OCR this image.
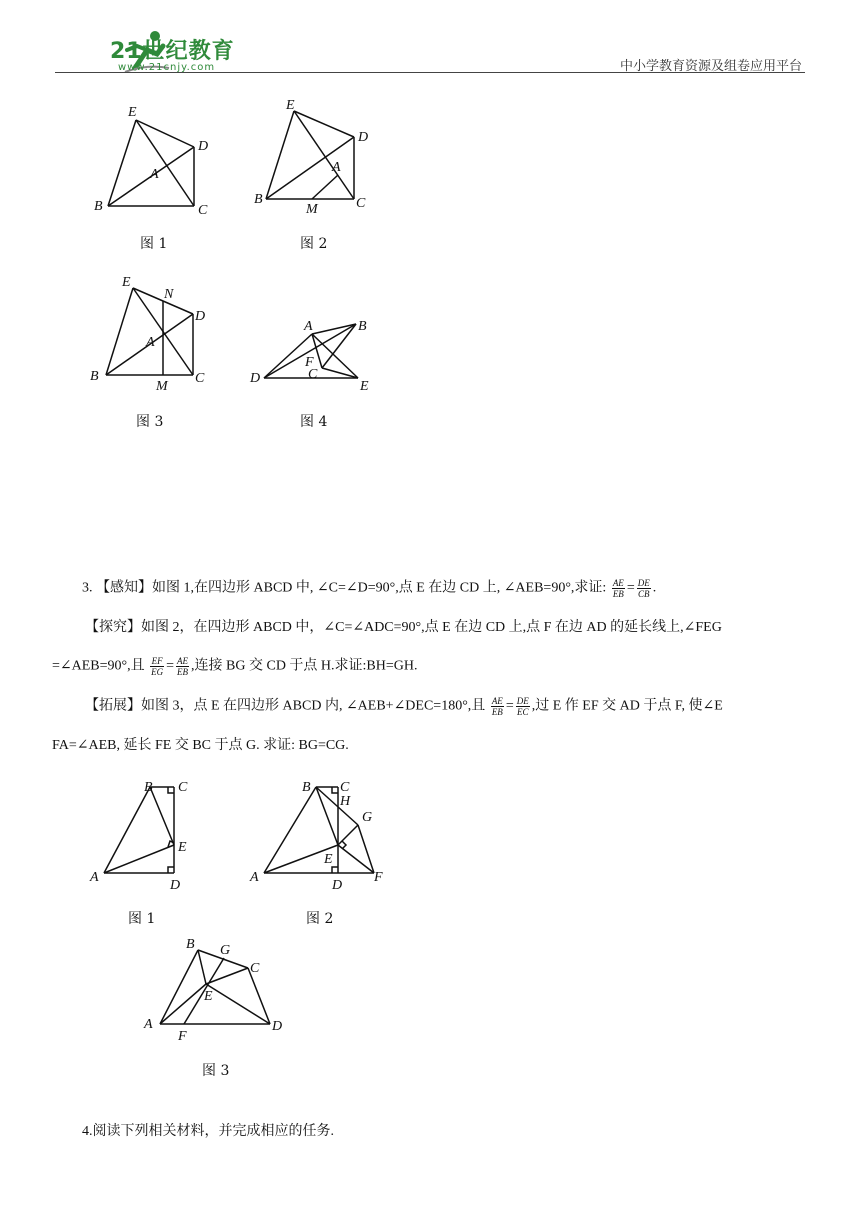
21世纪教育
www.21cnjy.com	中小学教育资源及组卷应用平台
E
D
A
B	C
图 1
E
D
A
B
M	C
图 2
E
N
D
A
B
M
C
图 3
A	B
F
C
D
E
图 4
3. 【感知】如图 1,在四边形 ABCD 中, ∠C=∠D=90°,点 E 在边 CD 上, ∠AEB=90°,求证: $\frac{AE}{EB} = \frac{DE}{CB}$ .
【探究】如图 2，在四边形 ABCD 中，∠C=∠ADC=90°,点 E 在边 CD 上,点 F 在边 AD 的延长线上,∠FEG
=∠AEB=90°,且 $\frac{EF}{EG} = \frac{AE}{EB}$ ,连接 BG 交 CD 于点 H.求证:BH=GH.
【拓展】如图 3，点 E 在四边形 ABCD 内, ∠AEB+∠DEC=180°,且 $\frac{AE}{EB} = \frac{DE}{EC}$ ,过 E 作 EF 交 AD 于点 F, 使∠E
FA=∠AEB, 延长 FE 交 BC 于点 G. 求证: BG=CG.
B C
E
A
D
图 1
B C
H
G
E
A
D
F
图 2
B G
C
E
A
F
D
图 3
4.阅读下列相关材料，并完成相应的任务.
